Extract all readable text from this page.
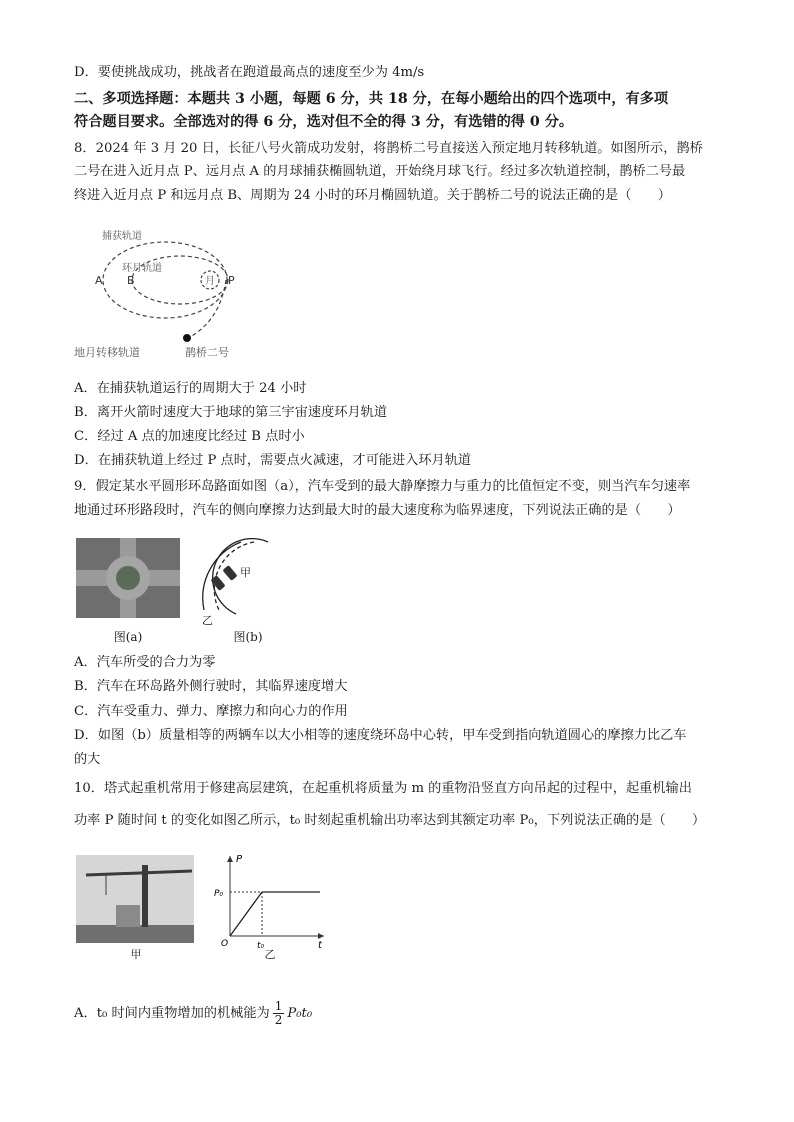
D．要使挑战成功，挑战者在跑道最高点的速度至少为 4m/s
二、多项选择题：本题共 3 小题，每题 6 分，共 18 分，在每小题给出的四个选项中，有多项
符合题目要求。全部选对的得 6 分，选对但不全的得 3 分，有选错的得 0 分。
8．2024 年 3 月 20 日，长征八号火箭成功发射，将鹊桥二号直接送入预定地月转移轨道。如图所示，鹊桥
二号在进入近月点 P、远月点 A 的月球捕获椭圆轨道，开始绕月球飞行。经过多次轨道控制，鹊桥二号最
终进入近月点 P 和远月点 B、周期为 24 小时的环月椭圆轨道。关于鹊桥二号的说法正确的是（　　）
捕获轨道
环月轨道
月
A B	P
地月转移轨道	鹊桥二号
A．在捕获轨道运行的周期大于 24 小时
B．离开火箭时速度大于地球的第三宇宙速度环月轨道
C．经过 A 点的加速度比经过 B 点时小
D．在捕获轨道上经过 P 点时，需要点火减速，才可能进入环月轨道
9．假定某水平圆形环岛路面如图（a），汽车受到的最大静摩擦力与重力的比值恒定不变，则当汽车匀速率
地通过环形路段时，汽车的侧向摩擦力达到最大时的最大速度称为临界速度，下列说法正确的是（　　）
图(a)
甲
乙
图(b)
A．汽车所受的合力为零
B．汽车在环岛路外侧行驶时，其临界速度增大
C．汽车受重力、弹力、摩擦力和向心力的作用
D．如图（b）质量相等的两辆车以大小相等的速度绕环岛中心转，甲车受到指向轨道圆心的摩擦力比乙车
的大
10．塔式起重机常用于修建高层建筑，在起重机将质量为 m 的重物沿竖直方向吊起的过程中，起重机输出
功率 P 随时间 t 的变化如图乙所示，t₀ 时刻起重机输出功率达到其额定功率 P₀，下列说法正确的是（　　）
甲
P
t
P₀
t₀
O
乙
A．t₀ 时间内重物增加的机械能为 $\frac{1}{2} P_0t_0$
